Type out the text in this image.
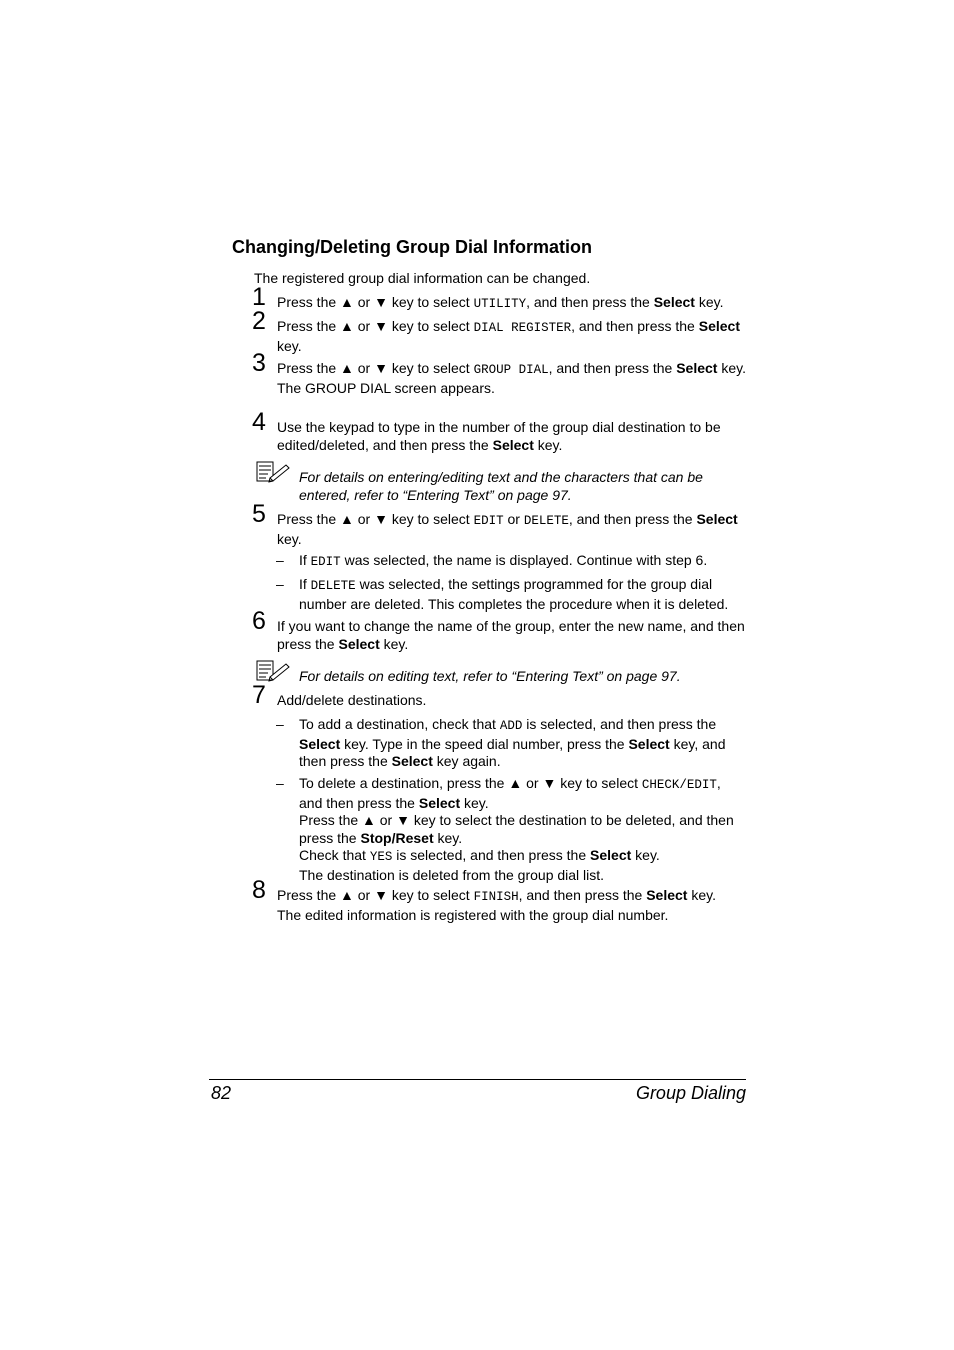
Changing/Deleting Group Dial Information

The registered group dial information can be changed.

1 Press the ▲ or ▼ key to select UTILITY, and then press the Select key.
2 Press the ▲ or ▼ key to select DIAL REGISTER, and then press the Select key.
3 Press the ▲ or ▼ key to select GROUP DIAL, and then press the Select key.
The GROUP DIAL screen appears.
4 Use the keypad to type in the number of the group dial destination to be edited/deleted, and then press the Select key.
For details on entering/editing text and the characters that can be entered, refer to “Entering Text” on page 97.
5 Press the ▲ or ▼ key to select EDIT or DELETE, and then press the Select key.
– If EDIT was selected, the name is displayed. Continue with step 6.
– If DELETE was selected, the settings programmed for the group dial number are deleted. This completes the procedure when it is deleted.
6 If you want to change the name of the group, enter the new name, and then press the Select key.
For details on editing text, refer to “Entering Text” on page 97.
7 Add/delete destinations.
– To add a destination, check that ADD is selected, and then press the Select key. Type in the speed dial number, press the Select key, and then press the Select key again.
– To delete a destination, press the ▲ or ▼ key to select CHECK/EDIT, and then press the Select key.
Press the ▲ or ▼ key to select the destination to be deleted, and then press the Stop/Reset key.
Check that YES is selected, and then press the Select key.
The destination is deleted from the group dial list.
8 Press the ▲ or ▼ key to select FINISH, and then press the Select key.
The edited information is registered with the group dial number.
82	Group Dialing
